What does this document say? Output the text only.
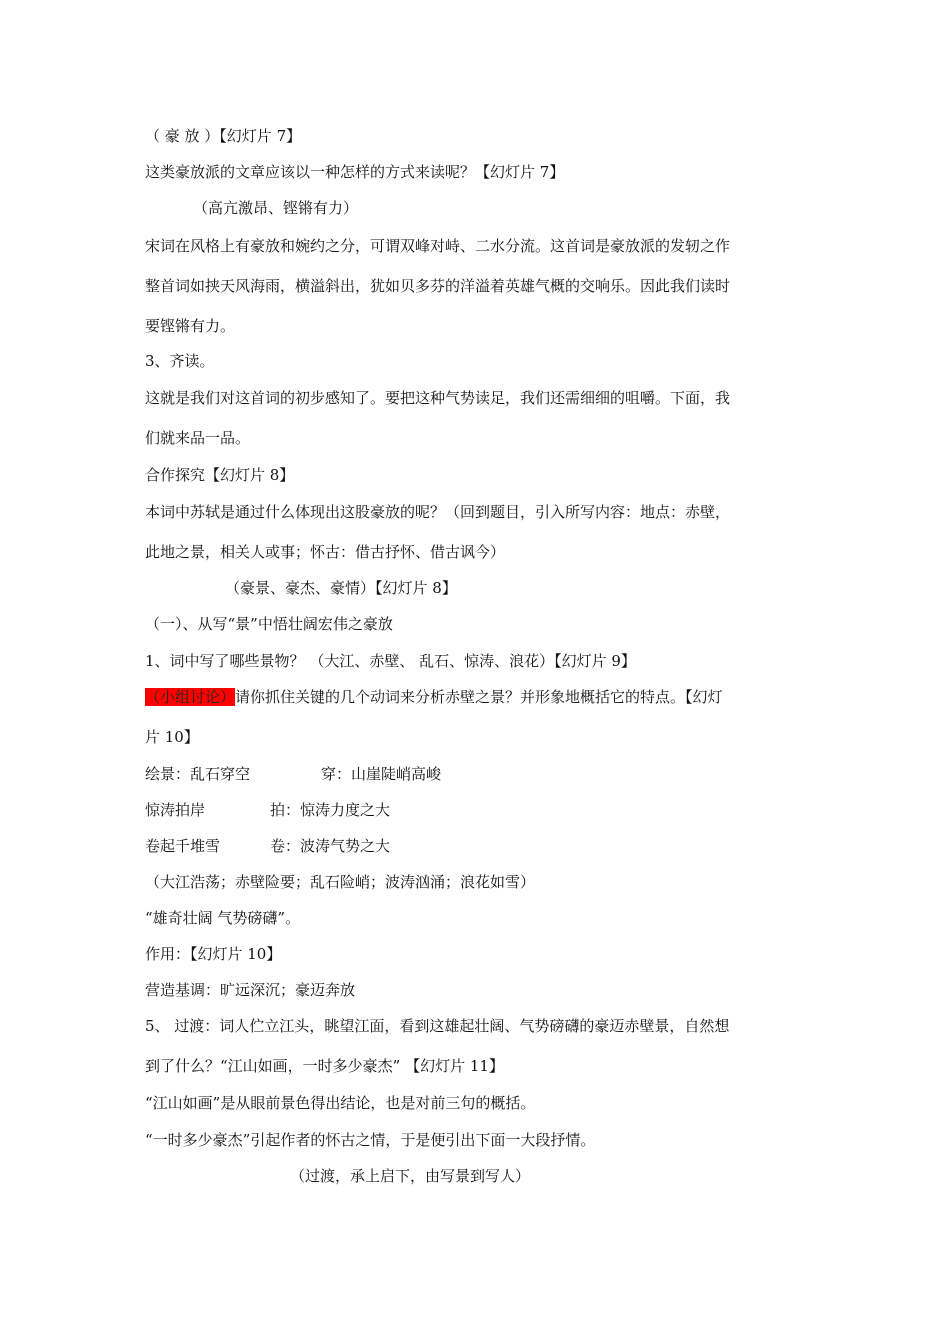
（ 豪 放 ）【幻灯片 7】
这类豪放派的文章应该以一种怎样的方式来读呢？【幻灯片 7】
（高亢激昂、铿锵有力）
宋词在风格上有豪放和婉约之分，可谓双峰对峙、二水分流。这首词是豪放派的发轫之作
整首词如挟天风海雨，横溢斜出，犹如贝多芬的洋溢着英雄气概的交响乐。因此我们读时
要铿锵有力。
3、齐读。
这就是我们对这首词的初步感知了。要把这种气势读足，我们还需细细的咀嚼。下面，我
们就来品一品。
合作探究【幻灯片 8】
本词中苏轼是通过什么体现出这股豪放的呢？（回到题目，引入所写内容：地点：赤壁，
此地之景，相关人或事；怀古：借古抒怀、借古讽今）
（豪景、豪杰、豪情）【幻灯片 8】
（一）、从写“景”中悟壮阔宏伟之豪放
1、词中写了哪些景物？ （大江、赤壁、 乱石、惊涛、浪花）【幻灯片 9】
（小组讨论）请你抓住关键的几个动词来分析赤壁之景？并形象地概括它的特点。【幻灯
片 10】
绘景：乱石穿空	穿：山崖陡峭高峻
惊涛拍岸	拍：惊涛力度之大
卷起千堆雪	卷：波涛气势之大
（大江浩荡；赤壁险要；乱石险峭；波涛汹涌；浪花如雪）
“雄奇壮阔 气势磅礴”。
作用：【幻灯片 10】
营造基调：旷远深沉；豪迈奔放
5、 过渡：词人伫立江头，眺望江面，看到这雄起壮阔、气势磅礴的豪迈赤壁景，自然想
到了什么？“江山如画，一时多少豪杰” 【幻灯片 11】
“江山如画”是从眼前景色得出结论，也是对前三句的概括。
“一时多少豪杰”引起作者的怀古之情，于是便引出下面一大段抒情。
（过渡，承上启下，由写景到写人）
